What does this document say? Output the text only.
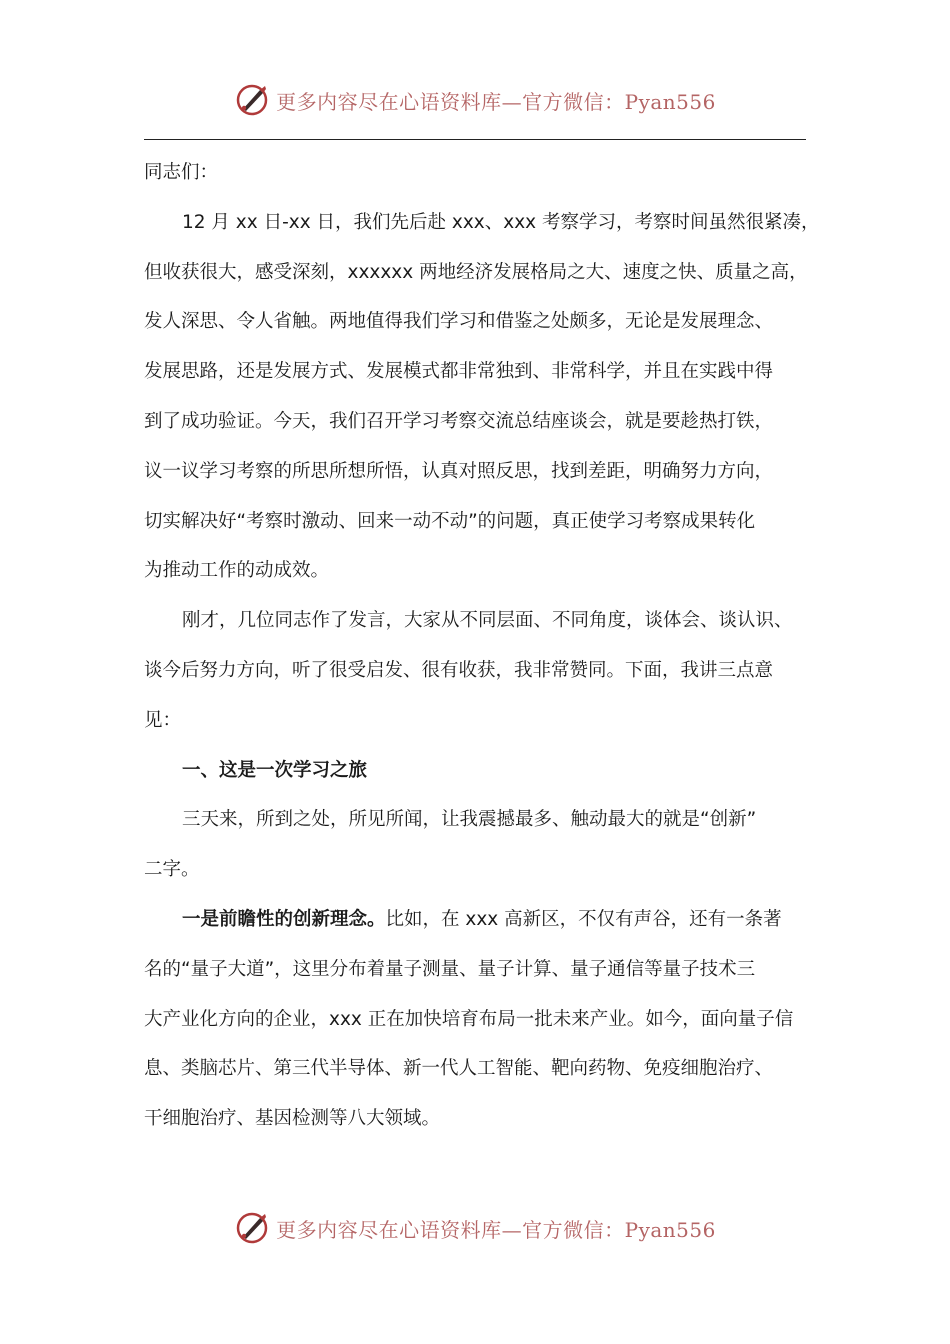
更多内容尽在心语资料库—官方微信：Pyan556

同志们：

12 月 xx 日-xx 日，我们先后赴 xxx、xxx 考察学习，考察时间虽然很紧凑，

但收获很大，感受深刻，xxxxxx 两地经济发展格局之大、速度之快、质量之高，

发人深思、令人省触。两地值得我们学习和借鉴之处颇多，无论是发展理念、

发展思路，还是发展方式、发展模式都非常独到、非常科学，并且在实践中得

到了成功验证。今天，我们召开学习考察交流总结座谈会，就是要趁热打铁，

议一议学习考察的所思所想所悟，认真对照反思，找到差距，明确努力方向，

切实解决好“考察时激动、回来一动不动”的问题，真正使学习考察成果转化

为推动工作的动成效。

刚才，几位同志作了发言，大家从不同层面、不同角度，谈体会、谈认识、

谈今后努力方向，听了很受启发、很有收获，我非常赞同。下面，我讲三点意

见：

一、这是一次学习之旅

三天来，所到之处，所见所闻，让我震撼最多、触动最大的就是“创新”

二字。

一是前瞻性的创新理念。比如，在 xxx 高新区，不仅有声谷，还有一条著

名的“量子大道”，这里分布着量子测量、量子计算、量子通信等量子技术三

大产业化方向的企业，xxx 正在加快培育布局一批未来产业。如今，面向量子信

息、类脑芯片、第三代半导体、新一代人工智能、靶向药物、免疫细胞治疗、

干细胞治疗、基因检测等八大领域。

更多内容尽在心语资料库—官方微信：Pyan556
